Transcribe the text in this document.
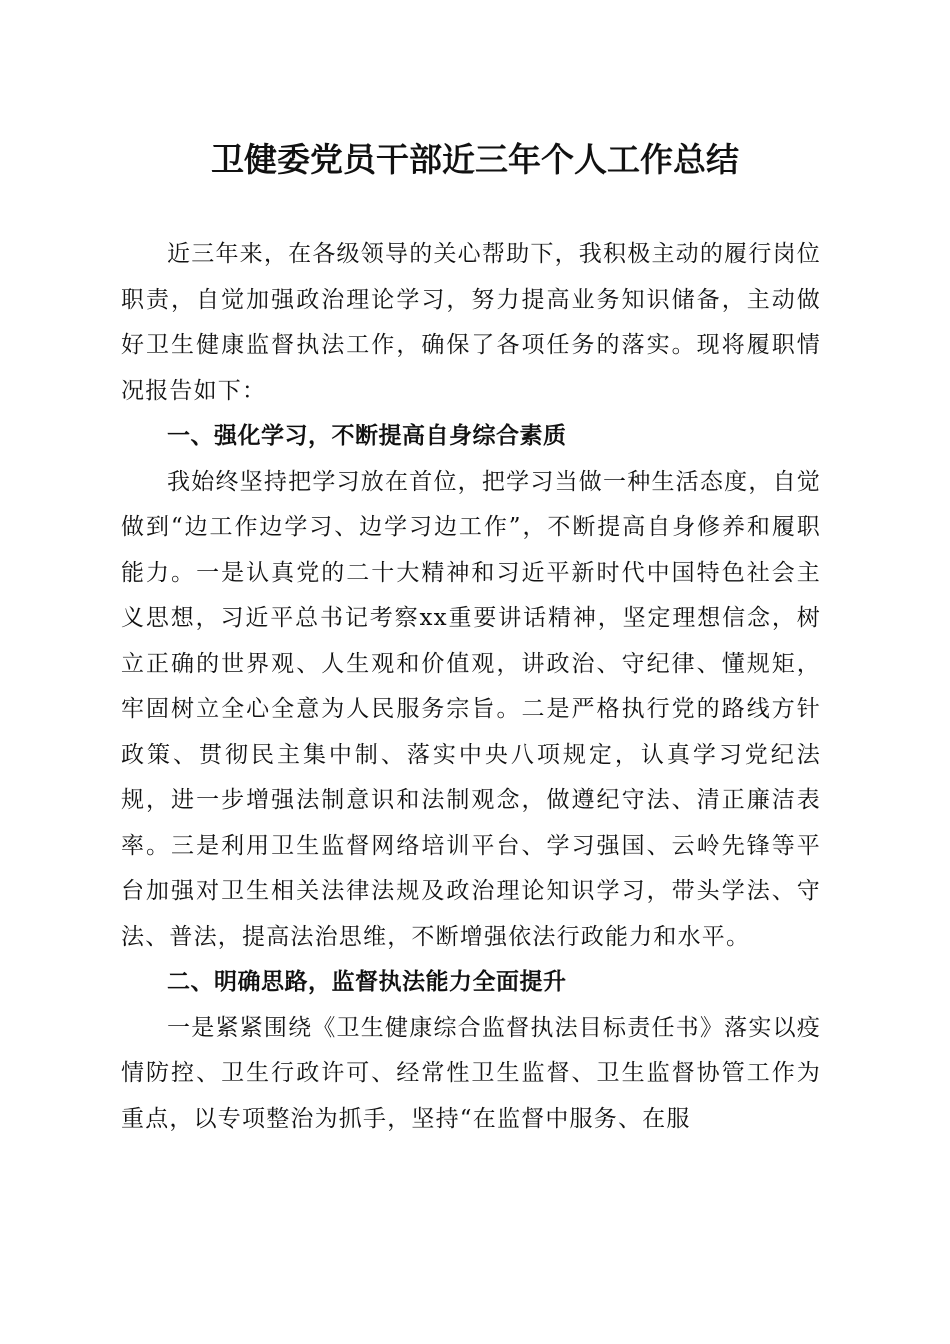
卫健委党员干部近三年个人工作总结

近三年来，在各级领导的关心帮助下，我积极主动的履行岗位职责，自觉加强政治理论学习，努力提高业务知识储备，主动做好卫生健康监督执法工作，确保了各项任务的落实。现将履职情况报告如下：

一、强化学习，不断提高自身综合素质

我始终坚持把学习放在首位，把学习当做一种生活态度，自觉做到“边工作边学习、边学习边工作”，不断提高自身修养和履职能力。一是认真党的二十大精神和习近平新时代中国特色社会主义思想，习近平总书记考察xx重要讲话精神，坚定理想信念，树立正确的世界观、人生观和价值观，讲政治、守纪律、懂规矩，牢固树立全心全意为人民服务宗旨。二是严格执行党的路线方针政策、贯彻民主集中制、落实中央八项规定，认真学习党纪法规，进一步增强法制意识和法制观念，做遵纪守法、清正廉洁表率。三是利用卫生监督网络培训平台、学习强国、云岭先锋等平台加强对卫生相关法律法规及政治理论知识学习，带头学法、守法、普法，提高法治思维，不断增强依法行政能力和水平。

二、明确思路，监督执法能力全面提升

一是紧紧围绕《卫生健康综合监督执法目标责任书》落实以疫情防控、卫生行政许可、经常性卫生监督、卫生监督协管工作为重点，以专项整治为抓手，坚持“在监督中服务、在服
